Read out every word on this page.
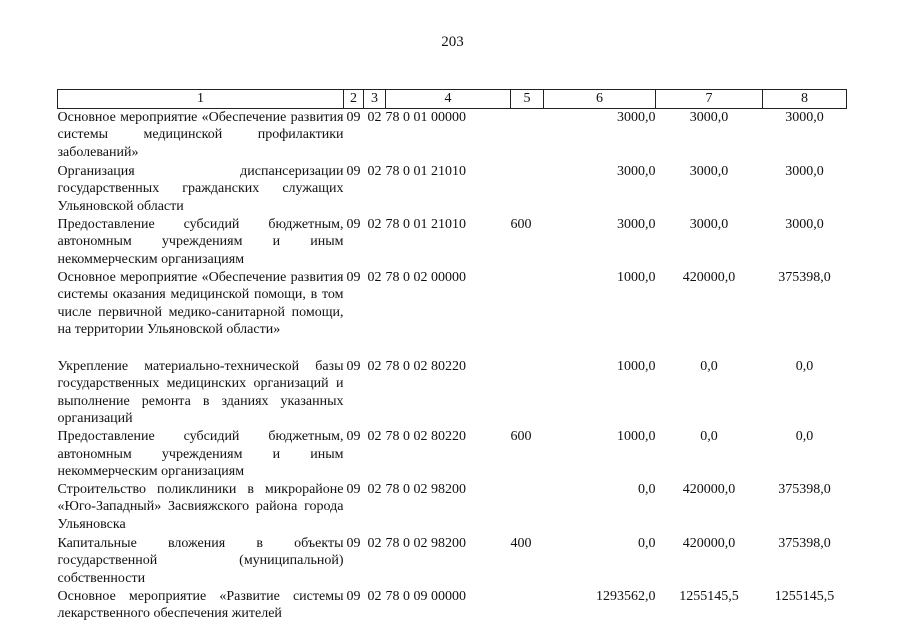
203
1	2	3	4	5	6	7	8
Основное мероприятие «Обеспечение развития системы медицинской профилактики заболеваний»	09	02	78 0 01 00000		3000,0	3000,0	3000,0
Организация диспансеризации государственных гражданских служащих Ульяновской области	09	02	78 0 01 21010		3000,0	3000,0	3000,0
Предоставление субсидий бюджетным, автономным учреждениям и иным некоммерческим организациям	09	02	78 0 01 21010	600	3000,0	3000,0	3000,0
Основное мероприятие «Обеспечение развития системы оказания медицинской помощи, в том числе первичной медико-санитарной помощи, на территории Ульяновской области»	09	02	78 0 02 00000		1000,0	420000,0	375398,0
Укрепление материально-технической базы государственных медицинских организаций и выполнение ремонта в зданиях указанных организаций	09	02	78 0 02 80220		1000,0	0,0	0,0
Предоставление субсидий бюджетным, автономным учреждениям и иным некоммерческим организациям	09	02	78 0 02 80220	600	1000,0	0,0	0,0
Строительство поликлиники в микрорайоне «Юго-Западный» Засвияжского района города Ульяновска	09	02	78 0 02 98200		0,0	420000,0	375398,0
Капитальные вложения в объекты государственной (муниципальной) собственности	09	02	78 0 02 98200	400	0,0	420000,0	375398,0
Основное мероприятие «Развитие системы лекарственного обеспечения жителей	09	02	78 0 09 00000		1293562,0	1255145,5	1255145,5
